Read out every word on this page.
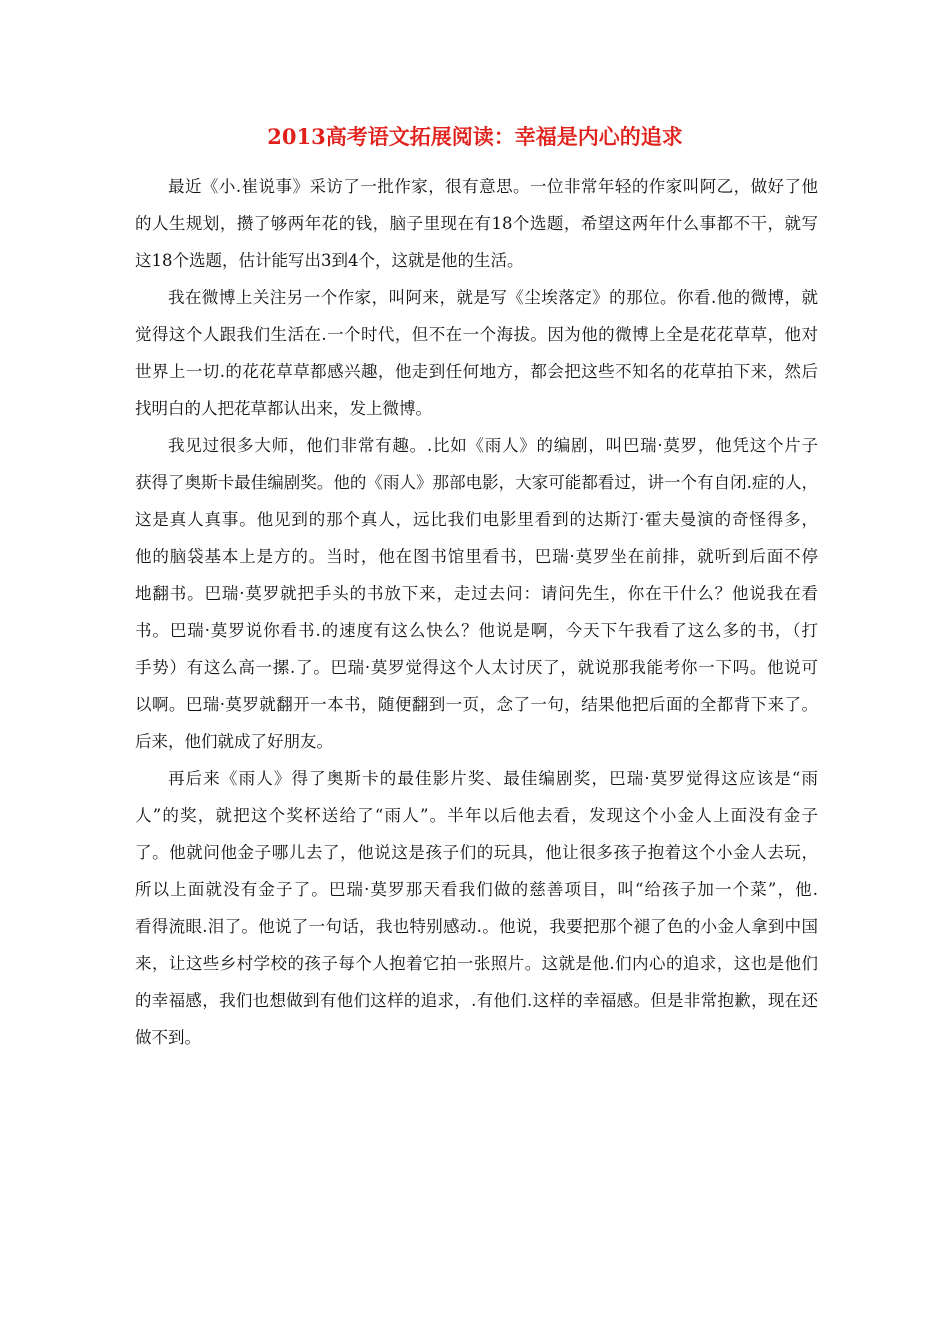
2013高考语文拓展阅读：幸福是内心的追求
最近《小.崔说事》采访了一批作家，很有意思。一位非常年轻的作家叫阿乙，做好了他
的人生规划，攒了够两年花的钱，脑子里现在有18个选题，希望这两年什么事都不干，就写
这18个选题，估计能写出3到4个，这就是他的生活。
我在微博上关注另一个作家，叫阿来，就是写《尘埃落定》的那位。你看.他的微博，就
觉得这个人跟我们生活在.一个时代，但不在一个海拔。因为他的微博上全是花花草草，他对
世界上一切.的花花草草都感兴趣，他走到任何地方，都会把这些不知名的花草拍下来，然后
找明白的人把花草都认出来，发上微博。
我见过很多大师，他们非常有趣。.比如《雨人》的编剧，叫巴瑞·莫罗，他凭这个片子
获得了奥斯卡最佳编剧奖。他的《雨人》那部电影，大家可能都看过，讲一个有自闭.症的人，
这是真人真事。他见到的那个真人，远比我们电影里看到的达斯汀·霍夫曼演的奇怪得多，
他的脑袋基本上是方的。当时，他在图书馆里看书，巴瑞·莫罗坐在前排，就听到后面不停
地翻书。巴瑞·莫罗就把手头的书放下来，走过去问：请问先生，你在干什么？他说我在看
书。巴瑞·莫罗说你看书.的速度有这么快么？他说是啊，今天下午我看了这么多的书，（打
手势）有这么高一摞.了。巴瑞·莫罗觉得这个人太讨厌了，就说那我能考你一下吗。他说可
以啊。巴瑞·莫罗就翻开一本书，随便翻到一页，念了一句，结果他把后面的全都背下来了。
后来，他们就成了好朋友。
再后来《雨人》得了奥斯卡的最佳影片奖、最佳编剧奖，巴瑞·莫罗觉得这应该是“雨
人”的奖，就把这个奖杯送给了“雨人”。半年以后他去看，发现这个小金人上面没有金子
了。他就问他金子哪儿去了，他说这是孩子们的玩具，他让很多孩子抱着这个小金人去玩，
所以上面就没有金子了。巴瑞·莫罗那天看我们做的慈善项目，叫“给孩子加一个菜”，他.
看得流眼.泪了。他说了一句话，我也特别感动.。他说，我要把那个褪了色的小金人拿到中国
来，让这些乡村学校的孩子每个人抱着它拍一张照片。这就是他.们内心的追求，这也是他们
的幸福感，我们也想做到有他们这样的追求，.有他们.这样的幸福感。但是非常抱歉，现在还
做不到。
